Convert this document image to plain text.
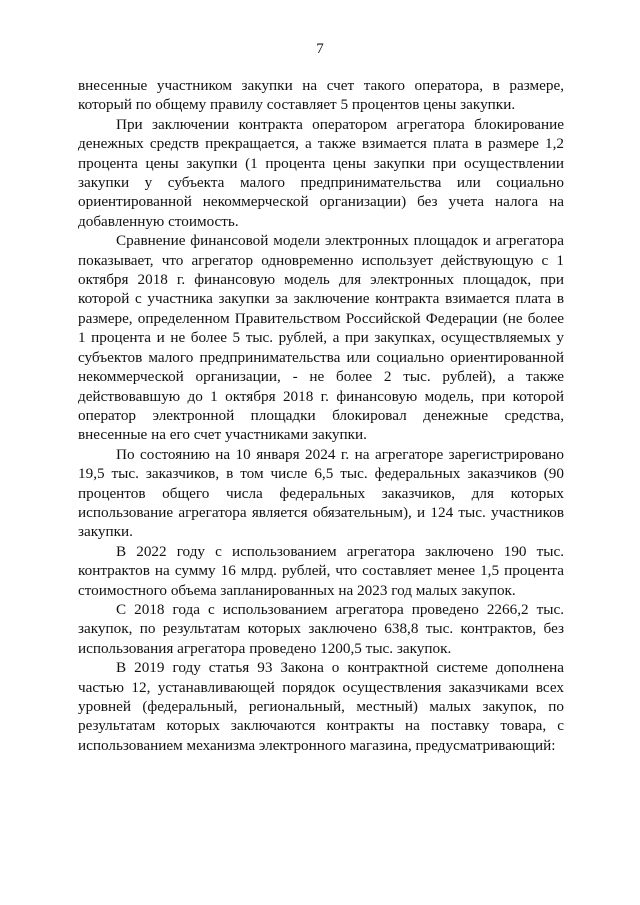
7

внесенные участником закупки на счет такого оператора, в размере, который по общему правилу составляет 5 процентов цены закупки.

При заключении контракта оператором агрегатора блокирование денежных средств прекращается, а также взимается плата в размере 1,2 процента цены закупки (1 процента цены закупки при осуществлении закупки у субъекта малого предпринимательства или социально ориентированной некоммерческой организации) без учета налога на добавленную стоимость.

Сравнение финансовой модели электронных площадок и агрегатора показывает, что агрегатор одновременно использует действующую с 1 октября 2018 г. финансовую модель для электронных площадок, при которой с участника закупки за заключение контракта взимается плата в размере, определенном Правительством Российской Федерации (не более 1 процента и не более 5 тыс. рублей, а при закупках, осуществляемых у субъектов малого предпринимательства или социально ориентированной некоммерческой организации, - не более 2 тыс. рублей), а также действовавшую до 1 октября 2018 г. финансовую модель, при которой оператор электронной площадки блокировал денежные средства, внесенные на его счет участниками закупки.

По состоянию на 10 января 2024 г. на агрегаторе зарегистрировано 19,5 тыс. заказчиков, в том числе 6,5 тыс. федеральных заказчиков (90 процентов общего числа федеральных заказчиков, для которых использование агрегатора является обязательным), и 124 тыс. участников закупки.

В 2022 году с использованием агрегатора заключено 190 тыс. контрактов на сумму 16 млрд. рублей, что составляет менее 1,5 процента стоимостного объема запланированных на 2023 год малых закупок.

С 2018 года с использованием агрегатора проведено 2266,2 тыс. закупок, по результатам которых заключено 638,8 тыс. контрактов, без использования агрегатора проведено 1200,5 тыс. закупок.

В 2019 году статья 93 Закона о контрактной системе дополнена частью 12, устанавливающей порядок осуществления заказчиками всех уровней (федеральный, региональный, местный) малых закупок, по результатам которых заключаются контракты на поставку товара, с использованием механизма электронного магазина, предусматривающий:
